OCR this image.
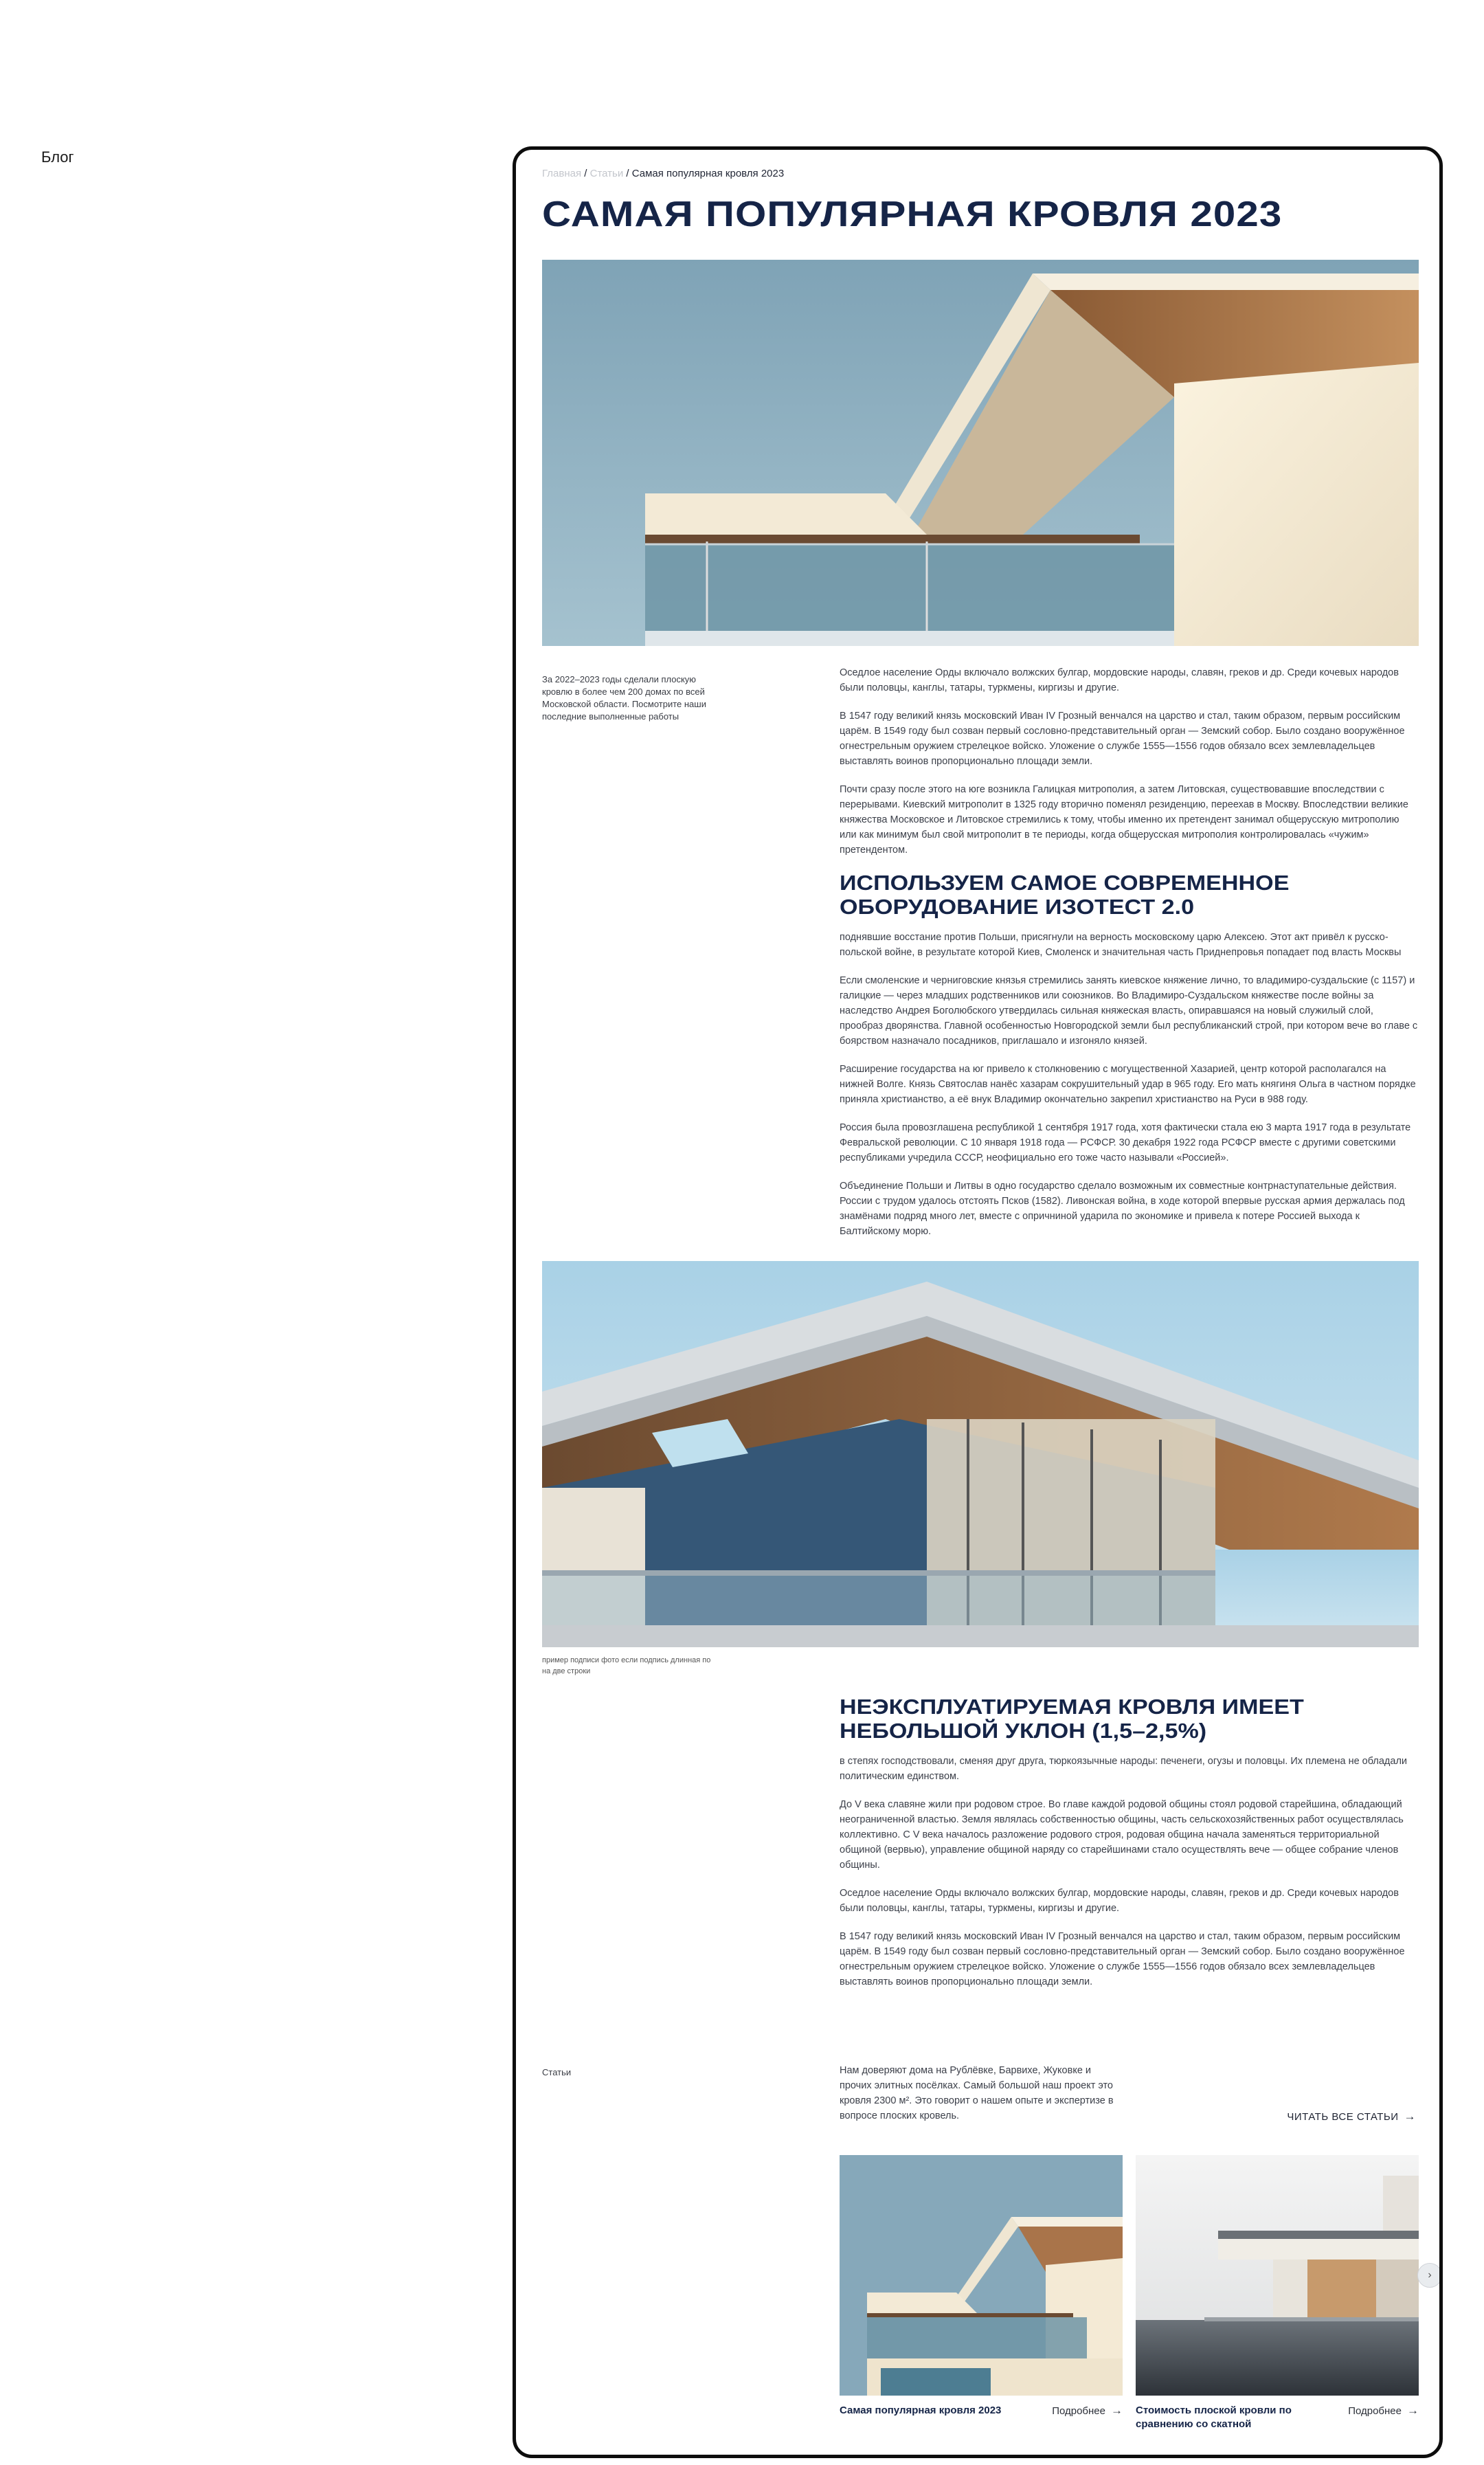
Блог
Главная / Статьи / Самая популярная кровля 2023
САМАЯ ПОПУЛЯРНАЯ КРОВЛЯ 2023
За 2022–2023 годы сделали плоскую кровлю в более чем 200 домах по всей Московской области. Посмотрите наши последние выполненные работы

Оседлое население Орды включало волжских булгар, мордовские народы, славян, греков и др. Среди кочевых народов были половцы, канглы, татары, туркмены, киргизы и другие.

В 1547 году великий князь московский Иван IV Грозный венчался на царство и стал, таким образом, первым российским царём. В 1549 году был созван первый сословно-представительный орган — Земский собор. Было создано вооружённое огнестрельным оружием стрелецкое войско. Уложение о службе 1555—1556 годов обязало всех землевладельцев выставлять воинов пропорционально площади земли.

Почти сразу после этого на юге возникла Галицкая митрополия, а затем Литовская, существовавшие впоследствии с перерывами. Киевский митрополит в 1325 году вторично поменял резиденцию, переехав в Москву. Впоследствии великие княжества Московское и Литовское стремились к тому, чтобы именно их претендент занимал общерусскую митрополию или как минимум был свой митрополит в те периоды, когда общерусская митрополия контролировалась «чужим» претендентом.

ИСПОЛЬЗУЕМ САМОЕ СОВРЕМЕННОЕ ОБОРУДОВАНИЕ ИЗОТЕСТ 2.0

поднявшие восстание против Польши, присягнули на верность московскому царю Алексею. Этот акт привёл к русско-польской войне, в результате которой Киев, Смоленск и значительная часть Приднепровья попадает под власть Москвы

Если смоленские и черниговские князья стремились занять киевское княжение лично, то владимиро-суздальские (с 1157) и галицкие — через младших родственников или союзников. Во Владимиро-Суздальском княжестве после войны за наследство Андрея Боголюбского утвердилась сильная княжеская власть, опиравшаяся на новый служилый слой, прообраз дворянства. Главной особенностью Новгородской земли был республиканский строй, при котором вече во главе с боярством назначало посадников, приглашало и изгоняло князей.

Расширение государства на юг привело к столкновению с могущественной Хазарией, центр которой располагался на нижней Волге. Князь Святослав нанёс хазарам сокрушительный удар в 965 году. Его мать княгиня Ольга в частном порядке приняла христианство, а её внук Владимир окончательно закрепил христианство на Руси в 988 году.

Россия была провозглашена республикой 1 сентября 1917 года, хотя фактически стала ею 3 марта 1917 года в результате Февральской революции. С 10 января 1918 года — РСФСР. 30 декабря 1922 года РСФСР вместе с другими советскими республиками учредила СССР, неофициально его тоже часто называли «Россией».

Объединение Польши и Литвы в одно государство сделало возможным их совместные контрнаступательные действия. России с трудом удалось отстоять Псков (1582). Ливонская война, в ходе которой впервые русская армия держалась под знамёнами подряд много лет, вместе с опричниной ударила по экономике и привела к потере Россией выхода к Балтийскому морю.

пример подписи фото если подпись длинная по на две строки
НЕЭКСПЛУАТИРУЕМАЯ КРОВЛЯ ИМЕЕТ НЕБОЛЬШОЙ УКЛОН (1,5–2,5%)

в степях господствовали, сменяя друг друга, тюркоязычные народы: печенеги, огузы и половцы. Их племена не обладали политическим единством.

До V века славяне жили при родовом строе. Во главе каждой родовой общины стоял родовой старейшина, обладающий неограниченной властью. Земля являлась собственностью общины, часть сельскохозяйственных работ осуществлялась коллективно. С V века началось разложение родового строя, родовая община начала заменяться территориальной общиной (вервью), управление общиной наряду со старейшинами стало осуществлять вече — общее собрание членов общины.

Оседлое население Орды включало волжских булгар, мордовские народы, славян, греков и др. Среди кочевых народов были половцы, канглы, татары, туркмены, киргизы и другие.

В 1547 году великий князь московский Иван IV Грозный венчался на царство и стал, таким образом, первым российским царём. В 1549 году был созван первый сословно-представительный орган — Земский собор. Было создано вооружённое огнестрельным оружием стрелецкое войско. Уложение о службе 1555—1556 годов обязало всех землевладельцев выставлять воинов пропорционально площади земли.

Статьи	Нам доверяют дома на Рублёвке, Барвихе, Жуковке и прочих элитных посёлках. Самый большой наш проект это кровля 2300 м². Это говорит о нашем опыте и экспертизе в вопросе плоских кровель.	ЧИТАТЬ ВСЕ СТАТЬИ →
Самая популярная кровля 2023	Подробнее → Стоимость плоской кровли по сравнению со скатной
Подробнее →
›
